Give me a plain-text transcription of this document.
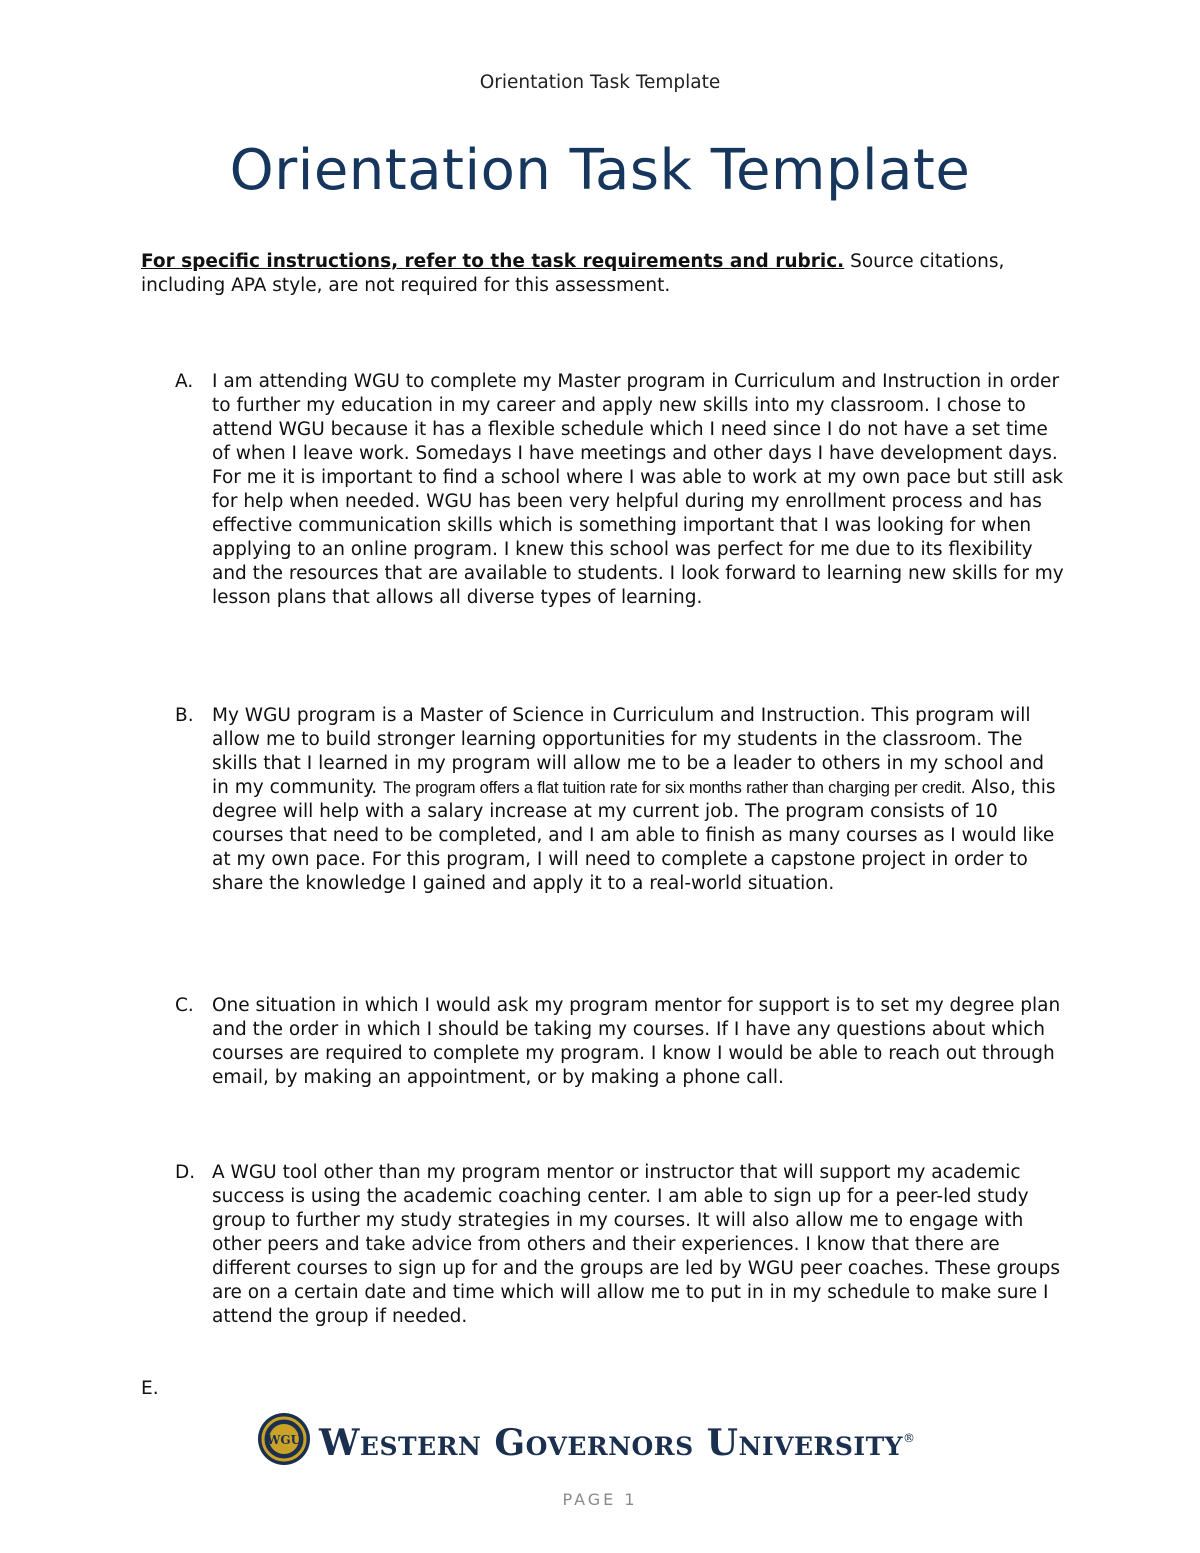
Orientation Task Template
Orientation Task Template
For specific instructions, refer to the task requirements and rubric. Source citations, including APA style, are not required for this assessment.
A. I am attending WGU to complete my Master program in Curriculum and Instruction in order to further my education in my career and apply new skills into my classroom. I chose to attend WGU because it has a flexible schedule which I need since I do not have a set time of when I leave work. Somedays I have meetings and other days I have development days. For me it is important to find a school where I was able to work at my own pace but still ask for help when needed. WGU has been very helpful during my enrollment process and has effective communication skills which is something important that I was looking for when applying to an online program. I knew this school was perfect for me due to its flexibility and the resources that are available to students. I look forward to learning new skills for my lesson plans that allows all diverse types of learning.
B. My WGU program is a Master of Science in Curriculum and Instruction. This program will allow me to build stronger learning opportunities for my students in the classroom. The skills that I learned in my program will allow me to be a leader to others in my school and in my community. The program offers a flat tuition rate for six months rather than charging per credit. Also, this degree will help with a salary increase at my current job. The program consists of 10 courses that need to be completed, and I am able to finish as many courses as I would like at my own pace. For this program, I will need to complete a capstone project in order to share the knowledge I gained and apply it to a real-world situation.
C. One situation in which I would ask my program mentor for support is to set my degree plan and the order in which I should be taking my courses. If I have any questions about which courses are required to complete my program. I know I would be able to reach out through email, by making an appointment, or by making a phone call.
D. A WGU tool other than my program mentor or instructor that will support my academic success is using the academic coaching center. I am able to sign up for a peer-led study group to further my study strategies in my courses. It will also allow me to engage with other peers and take advice from others and their experiences. I know that there are different courses to sign up for and the groups are led by WGU peer coaches. These groups are on a certain date and time which will allow me to put in in my schedule to make sure I attend the group if needed.
E.
WGU Western Governors University®
PAGE 1
